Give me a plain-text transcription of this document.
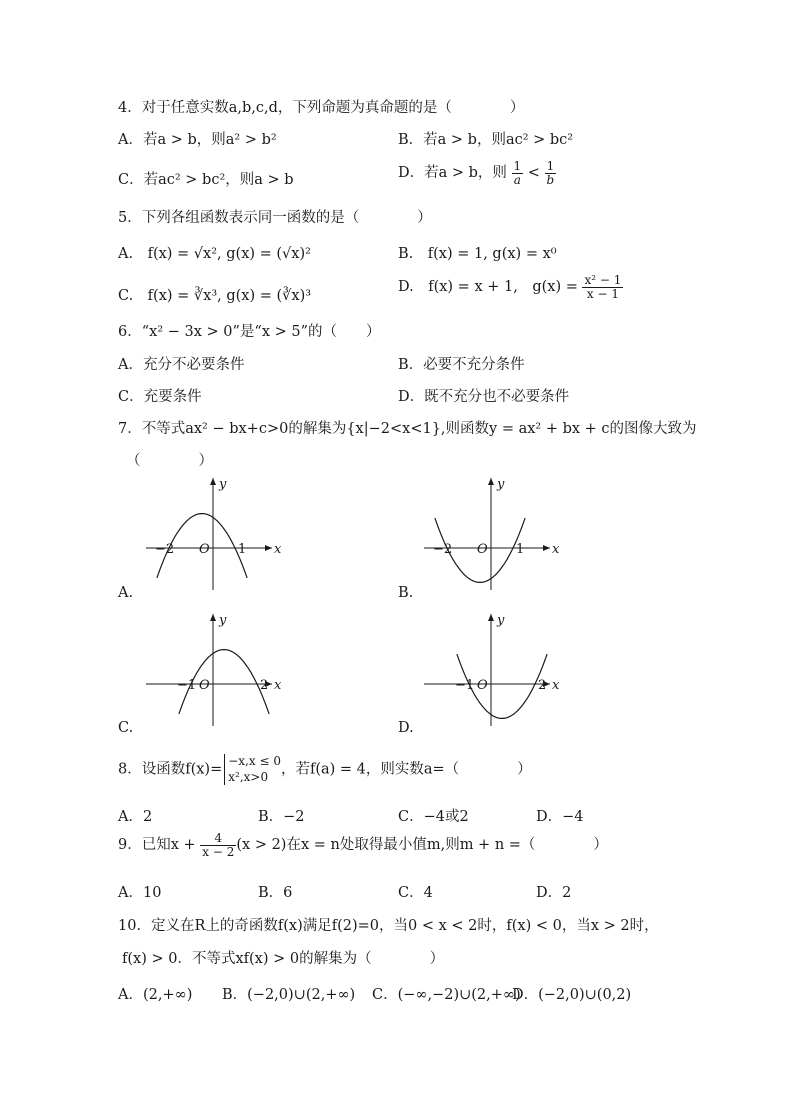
4．对于任意实数a,b,c,d，下列命题为真命题的是（　　　　）
A．若a > b，则a² > b²	B．若a > b，则ac² > bc²
C．若ac² > bc²，则a > b	D．若a > b，则 $\frac{1}{a} < \frac{1}{b}$
5．下列各组函数表示同一函数的是（　　　　）
A.　f(x) = √x², g(x) = (√x)²	B.　f(x) = 1, g(x) = x⁰
C.　f(x) = ∛x³, g(x) = (∛x)³
D.　f(x) = x + 1,　$g(x) = \frac{\text{x² − 1}}{x - 1}$
6．“x² − 3x > 0”是“x > 5”的（　　）
A．充分不必要条件	B．必要不充分条件
C．充要条件	D．既不充分也不必要条件
7．不等式ax² − bx+c>0的解集为{x|−2<x<1},则函数y = ax² + bx + c的图像大致为
（　　　　）
x
y
O
−2	1
A.
x
y
O
−2	1
B.
x
y
O
−1	2
C.
x
y
O
−1	2
D.
8．设函数f(x)=
−x,x ≤ 0
x²,x>0 ，若f(a) = 4，则实数a=（　　　　）
A．2	B．−2	C．−4或2	D．−4
9．已知$x + \frac{4}{x - 2} (x > 2)$在x = n处取得最小值m,则m + n =（　　　　）
A．10	B．6	C．4	D．2
10．定义在R上的奇函数f(x)满足f(2)=0，当0 < x < 2时，f(x) < 0，当x > 2时，
f(x) > 0．不等式xf(x) > 0的解集为（　　　　）
A．(2,+∞) B．(−2,0)∪(2,+∞) C．(−∞,−2)∪(2,+∞)
D．(−2,0)∪(0,2)
